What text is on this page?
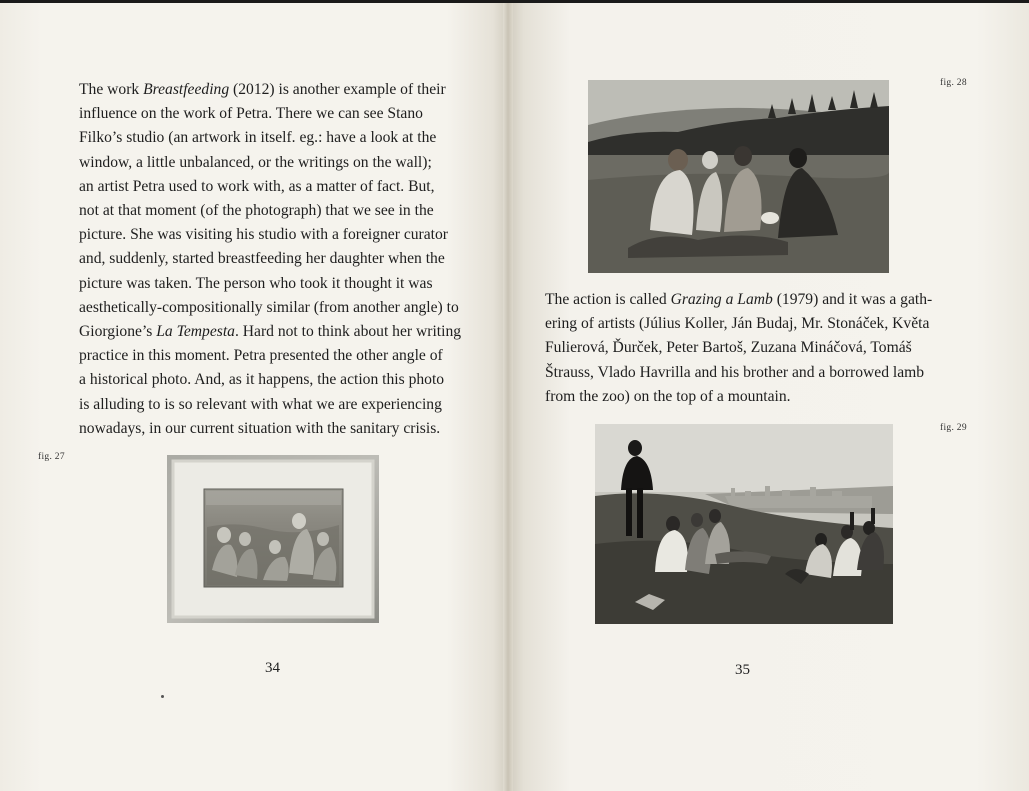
The work Breastfeeding (2012) is another example of their
influence on the work of Petra. There we can see Stano
Filko’s studio (an artwork in itself. eg.: have a look at the
window, a little unbalanced, or the writings on the wall);
an artist Petra used to work with, as a matter of fact. But,
not at that moment (of the photograph) that we see in the
picture. She was visiting his studio with a foreigner curator
and, suddenly, started breastfeeding her daughter when the
picture was taken. The person who took it thought it was
aesthetically-compositionally similar (from another angle) to
Giorgione’s La Tempesta. Hard not to think about her writing
practice in this moment. Petra presented the other angle of
a historical photo. And, as it happens, the action this photo
is alluding to is so relevant with what we are experiencing
nowadays, in our current situation with the sanitary crisis.
fig. 27
34
fig. 28
The action is called Grazing a Lamb (1979) and it was a gath-
ering of artists (Július Koller, Ján Budaj, Mr. Stonáček, Květa
Fulierová, Ďurček, Peter Bartoš, Zuzana Mináčová, Tomáš
Štrauss, Vlado Havrilla and his brother and a borrowed lamb
from the zoo) on the top of a mountain.
fig. 29
35
